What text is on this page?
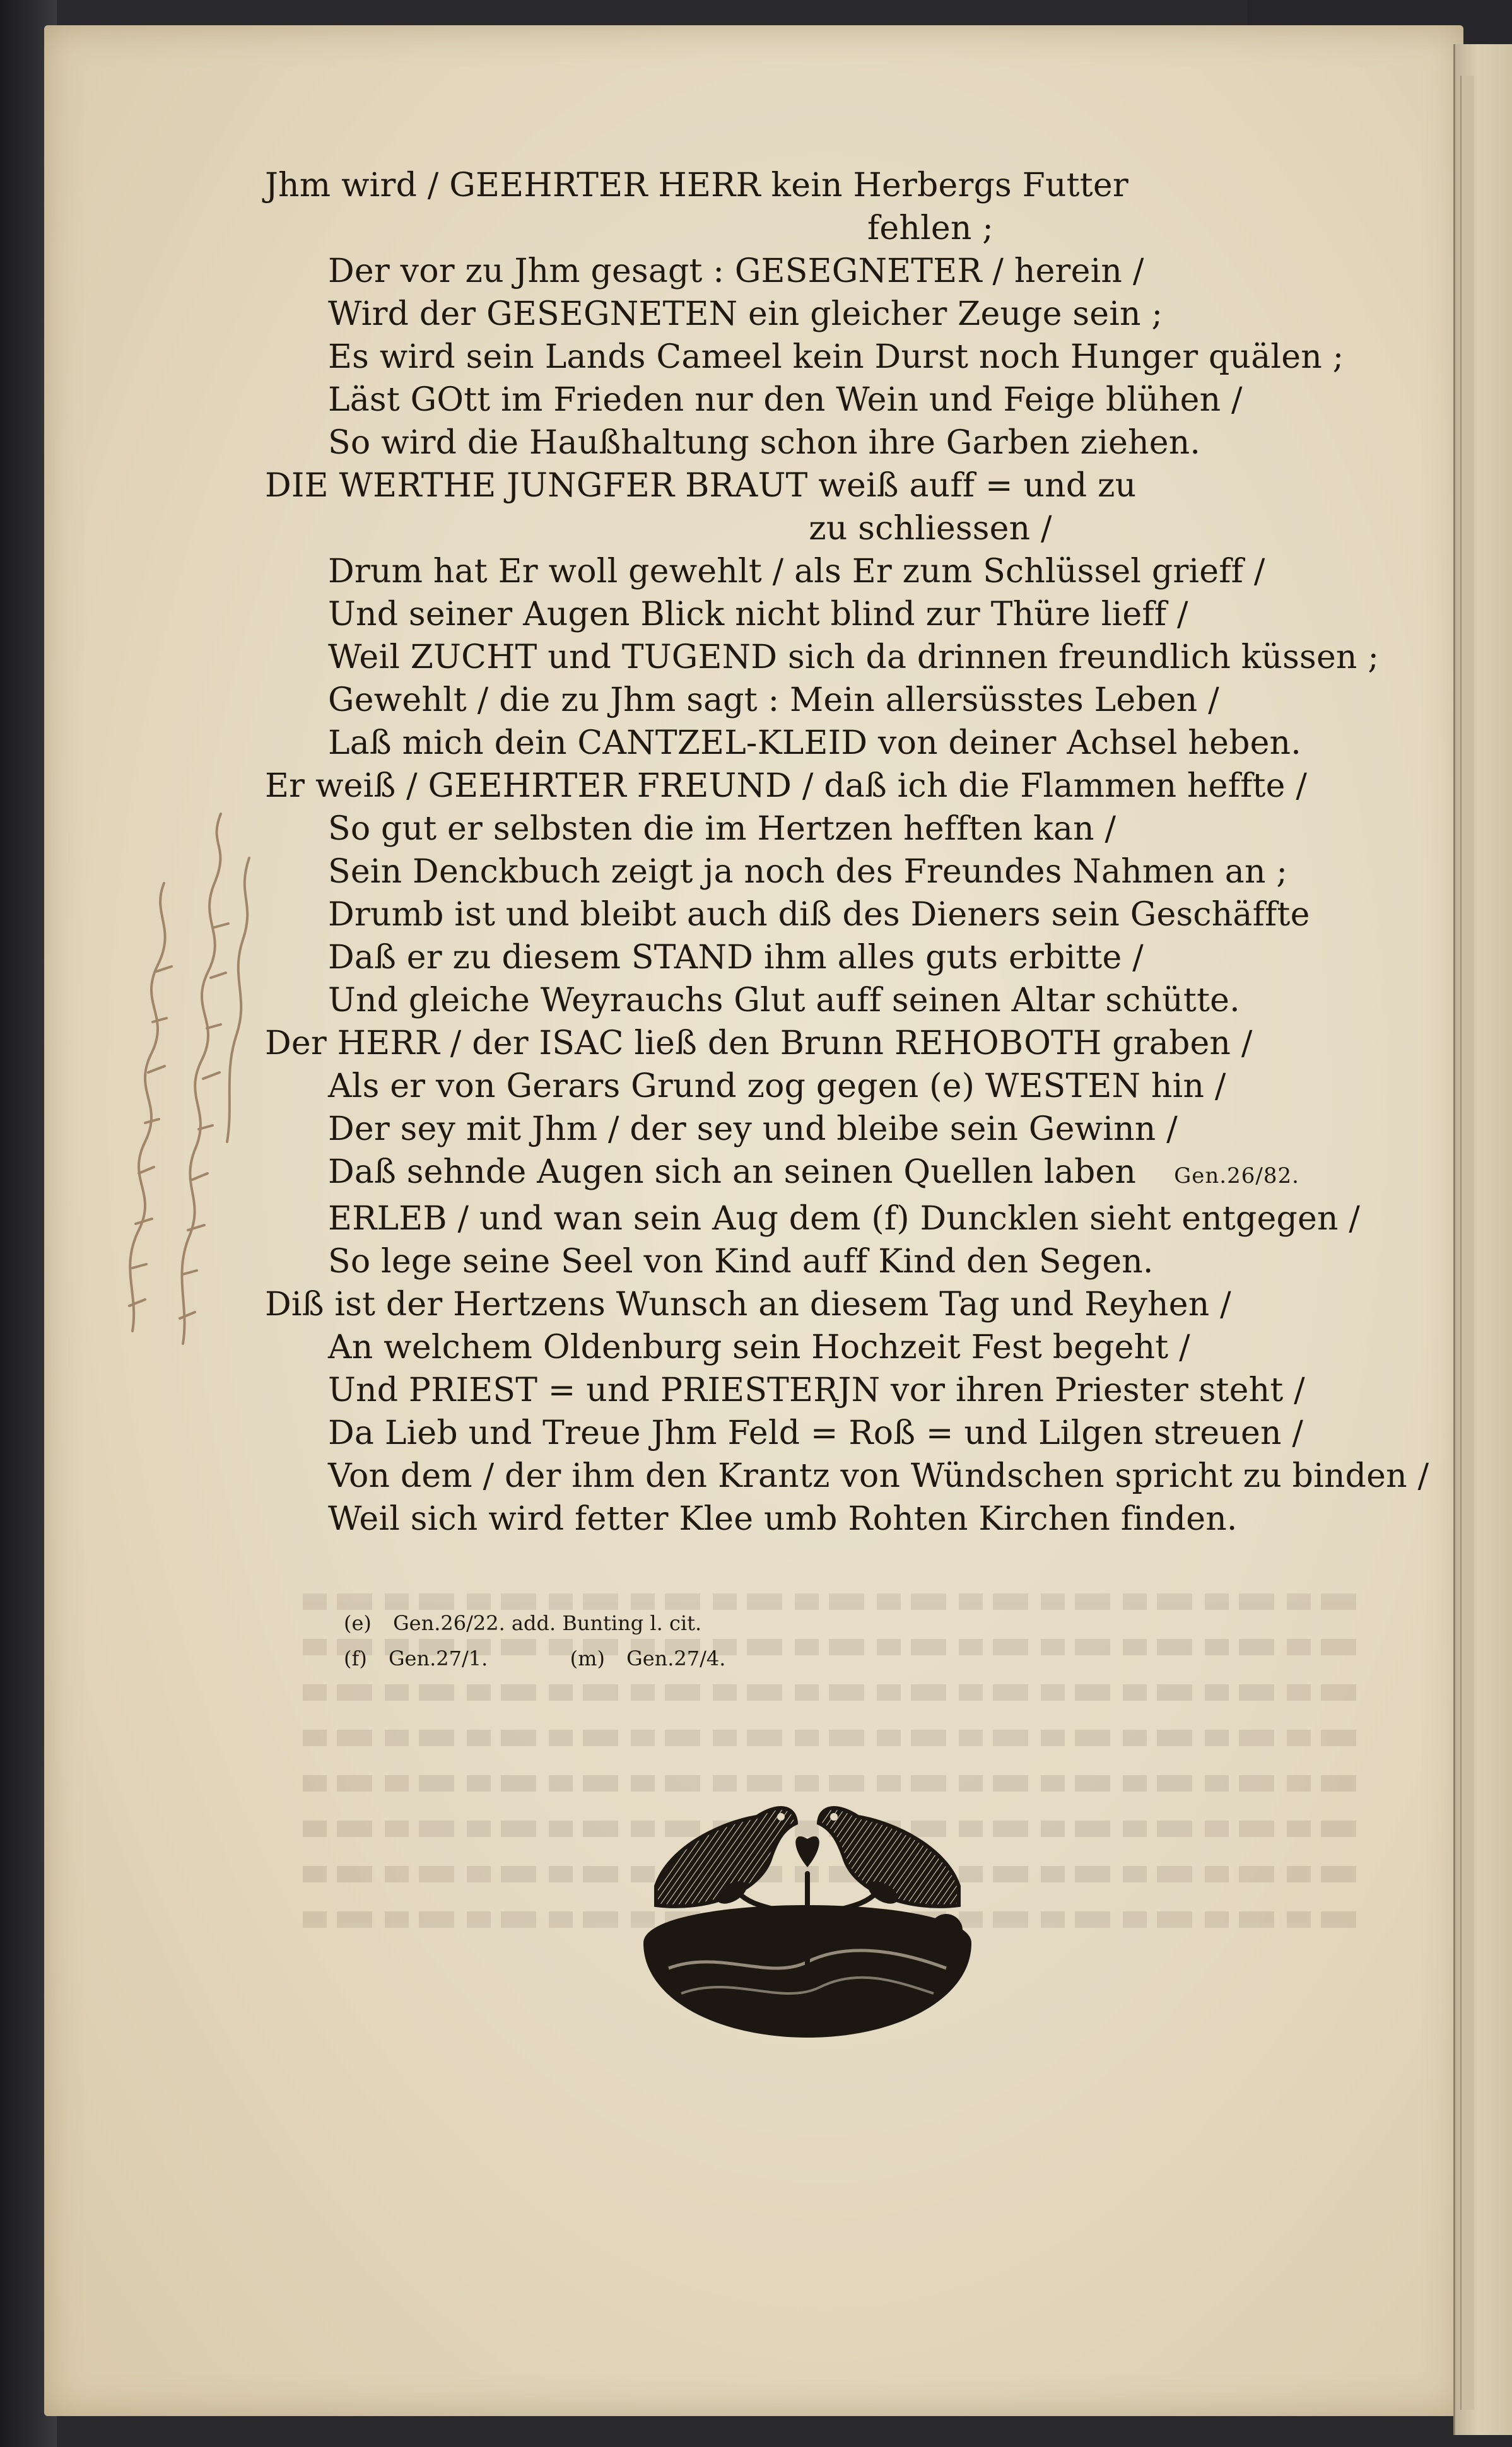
Jhm wird / GEEHRTER HERR kein Herbergs Futter
fehlen ;
Der vor zu Jhm gesagt : GESEGNETER / herein /
Wird der GESEGNETEN ein gleicher Zeuge sein ;
Es wird sein Lands Cameel kein Durst noch Hunger quälen ;
Läst GOtt im Frieden nur den Wein und Feige blühen /
So wird die Haußhaltung schon ihre Garben ziehen.
DIE WERTHE JUNGFER BRAUT weiß auff = und zu
zu schliessen /
Drum hat Er woll gewehlt / als Er zum Schlüssel grieff /
Und seiner Augen Blick nicht blind zur Thüre lieff /
Weil ZUCHT und TUGEND sich da drinnen freundlich küssen ;
Gewehlt / die zu Jhm sagt : Mein allersüsstes Leben /
Laß mich dein CANTZEL-KLEID von deiner Achsel heben.
Er weiß / GEEHRTER FREUND / daß ich die Flammen heffte /
So gut er selbsten die im Hertzen hefften kan /
Sein Denckbuch zeigt ja noch des Freundes Nahmen an ;
Drumb ist und bleibt auch diß des Dieners sein Geschäffte
Daß er zu diesem STAND ihm alles guts erbitte /
Und gleiche Weyrauchs Glut auff seinen Altar schütte.
Der HERR / der ISAC ließ den Brunn REHOBOTH graben /
Als er von Gerars Grund zog gegen (e) WESTEN hin /
Der sey mit Jhm / der sey und bleibe sein Gewinn /
Daß sehnde Augen sich an seinen Quellen laben Gen.26/82.
ERLEB / und wan sein Aug dem (f) Duncklen sieht entgegen /
So lege seine Seel von Kind auff Kind den Segen.
Diß ist der Hertzens Wunsch an diesem Tag und Reyhen /
An welchem Oldenburg sein Hochzeit Fest begeht /
Und PRIEST = und PRIESTERJN vor ihren Priester steht /
Da Lieb und Treue Jhm Feld = Roß = und Lilgen streuen /
Von dem / der ihm den Krantz von Wündschen spricht zu binden /
Weil sich wird fetter Klee umb Rohten Kirchen finden.
(e) Gen.26/22. add. Bunting l. cit.
(f) Gen.27/1.	(m) Gen.27/4.
